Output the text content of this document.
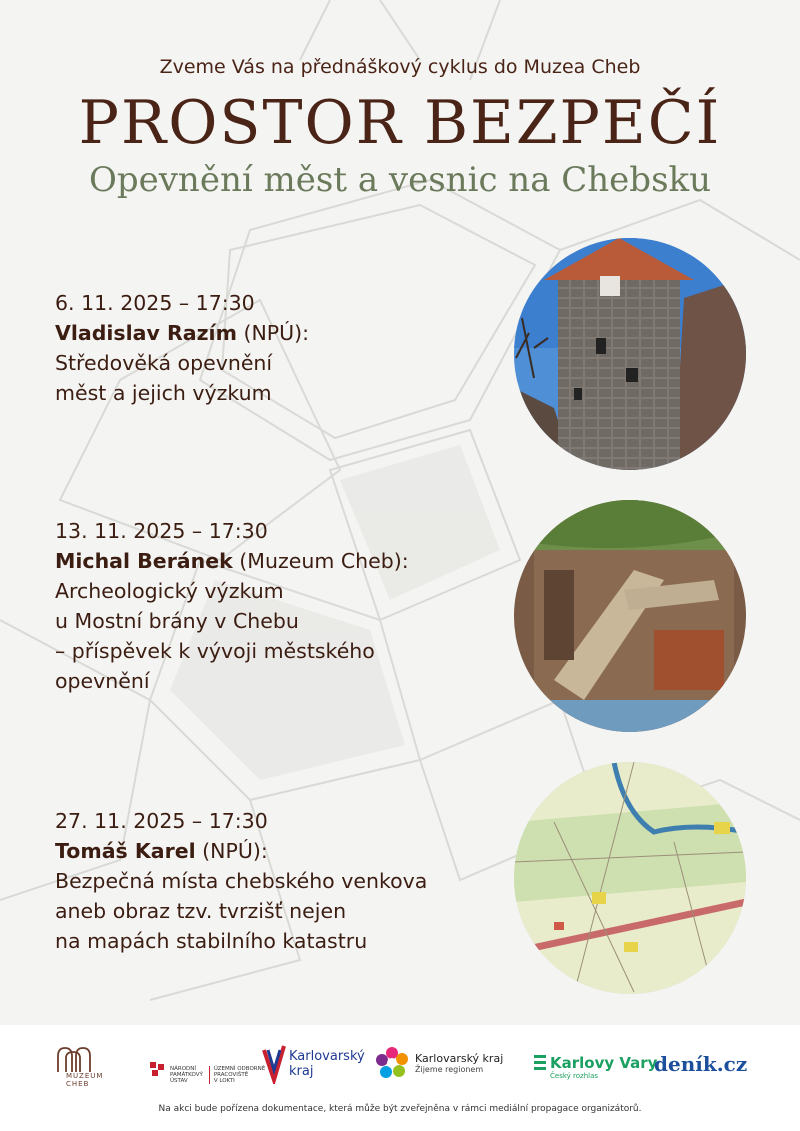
Zveme Vás na přednáškový cyklus do Muzea Cheb
PROSTOR BEZPEČÍ
Opevnění měst a vesnic na Chebsku
6. 11. 2025 – 17:30
Vladislav Razím (NPÚ):
Středověká opevnění
měst a jejich výzkum
13. 11. 2025 – 17:30
Michal Beránek (Muzeum Cheb):
Archeologický výzkum
u Mostní brány v Chebu
– příspěvek k vývoji městského
opevnění
27. 11. 2025 – 17:30
Tomáš Karel (NPÚ):
Bezpečná místa chebského venkova
aneb obraz tzv. tvrzišť nejen
na mapách stabilního katastru
MUZEUM
CHEB
NÁRODNÍ
PAMÁTKOVÝ
ÚSTAV
ÚZEMNÍ ODBORNÉ
PRACOVIŠTĚ
V LOKTI
Karlovarský
kraj
Karlovarský kraj
Žijeme regionem	Karlovy Vary
Český rozhlas	deník.cz
Na akci bude pořízena dokumentace, která může být zveřejněna v rámci mediální propagace organizátorů.
